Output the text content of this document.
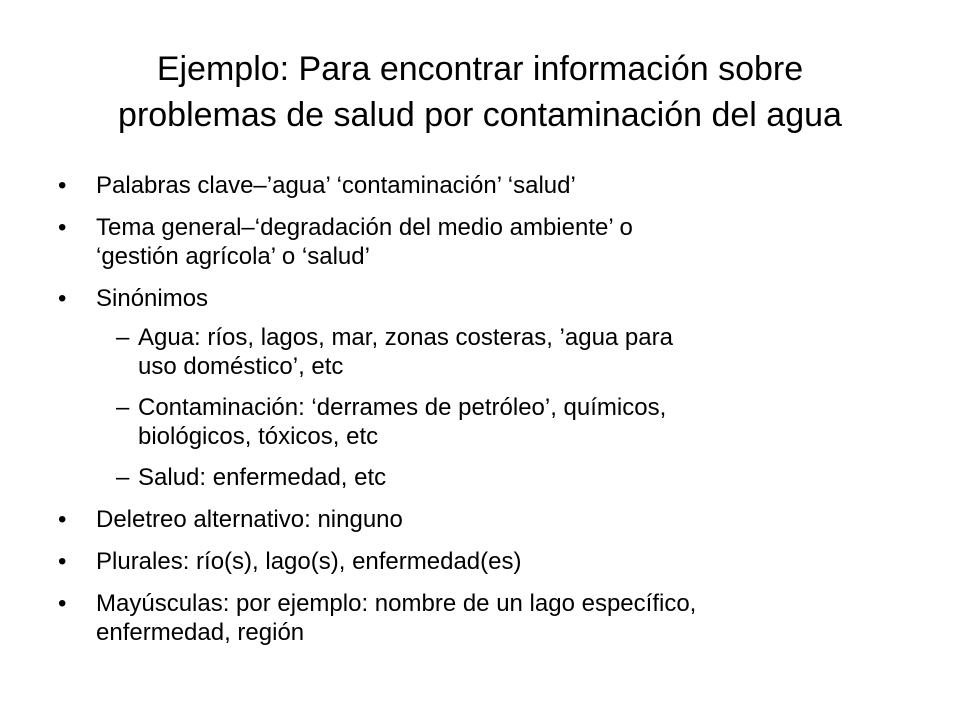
Ejemplo: Para encontrar información sobre
problemas de salud por contaminación del agua
• Palabras clave–’agua’ ‘contaminación’ ‘salud’
• Tema general–‘degradación del medio ambiente’ o
‘gestión agrícola’ o ‘salud’
• Sinónimos
– Agua: ríos, lagos, mar, zonas costeras, ’agua para
uso doméstico’, etc
– Contaminación: ‘derrames de petróleo’, químicos,
biológicos, tóxicos, etc
– Salud: enfermedad, etc
• Deletreo alternativo: ninguno
• Plurales: río(s), lago(s), enfermedad(es)
• Mayúsculas: por ejemplo: nombre de un lago específico,
enfermedad, región
